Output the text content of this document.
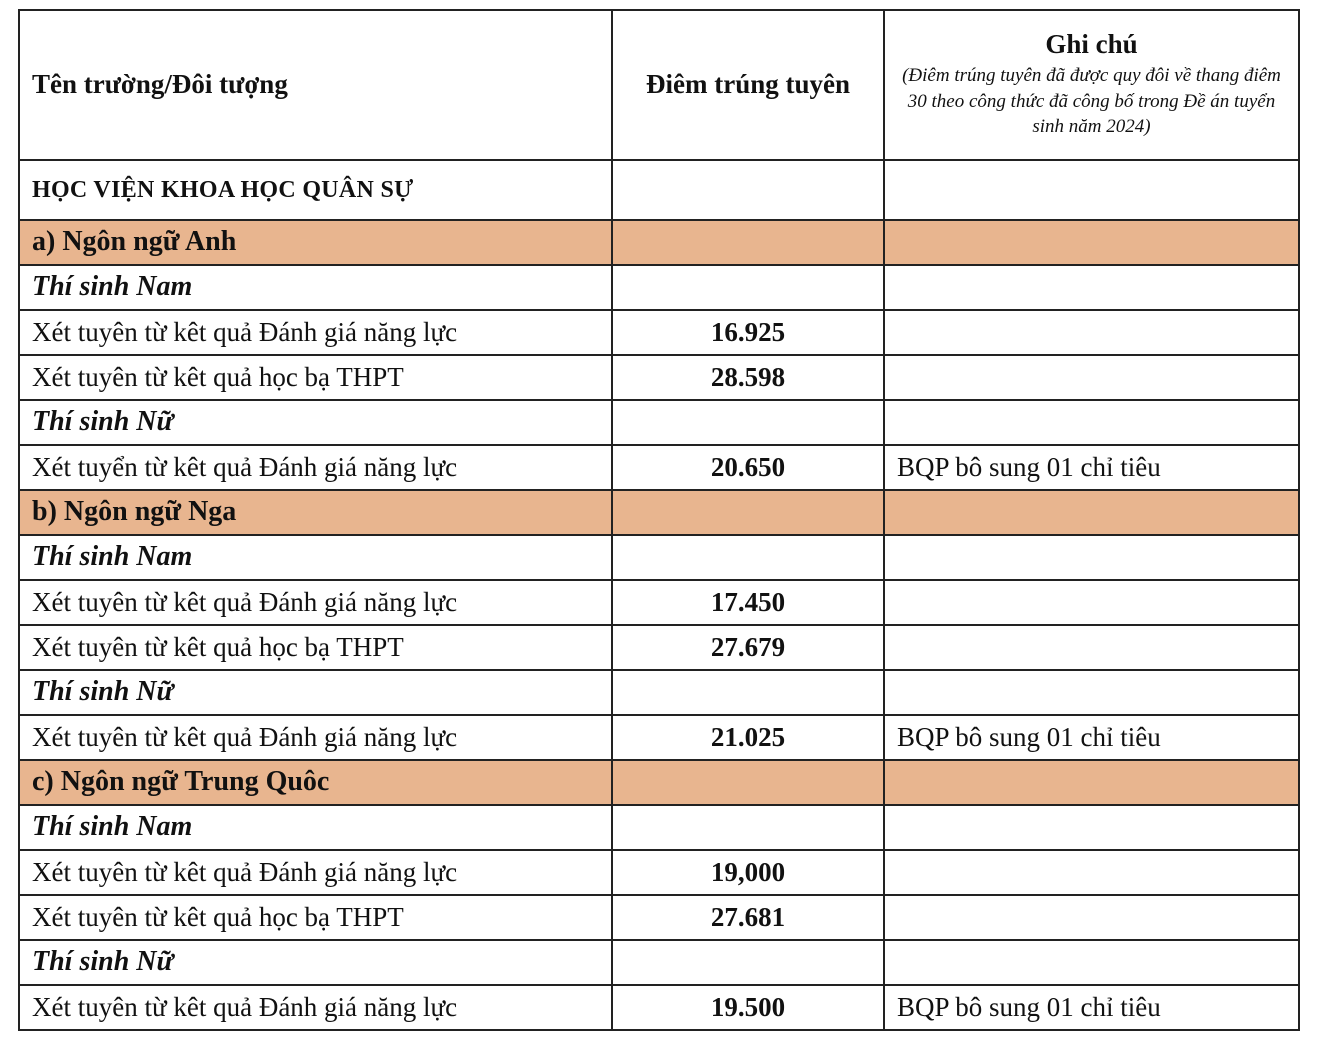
Tên trường/Đôi tượng	Điêm trúng tuyên	Ghi chú
(Điêm trúng tuyên đã được quy đôi về thang điêm 30 theo công thức đã công bố trong Đề án tuyển sinh năm 2024)

HỌC VIỆN KHOA HỌC QUÂN SỰ		
a) Ngôn ngữ Anh		
Thí sinh Nam		
Xét tuyên từ kêt quả Đánh giá năng lực	16.925	
Xét tuyên từ kêt quả học bạ THPT	28.598	
Thí sinh Nữ		
Xét tuyển từ kêt quả Đánh giá năng lực	20.650	BQP bô sung 01 chỉ tiêu
b) Ngôn ngữ Nga		
Thí sinh Nam		
Xét tuyên từ kêt quả Đánh giá năng lực	17.450	
Xét tuyên từ kêt quả học bạ THPT	27.679	
Thí sinh Nữ		
Xét tuyên từ kêt quả Đánh giá năng lực	21.025	BQP bô sung 01 chỉ tiêu
c) Ngôn ngữ Trung Quôc		
Thí sinh Nam		
Xét tuyên từ kêt quả Đánh giá năng lực	19,000	
Xét tuyên từ kêt quả học bạ THPT	27.681	
Thí sinh Nữ		
Xét tuyên từ kêt quả Đánh giá năng lực	19.500	BQP bô sung 01 chỉ tiêu
